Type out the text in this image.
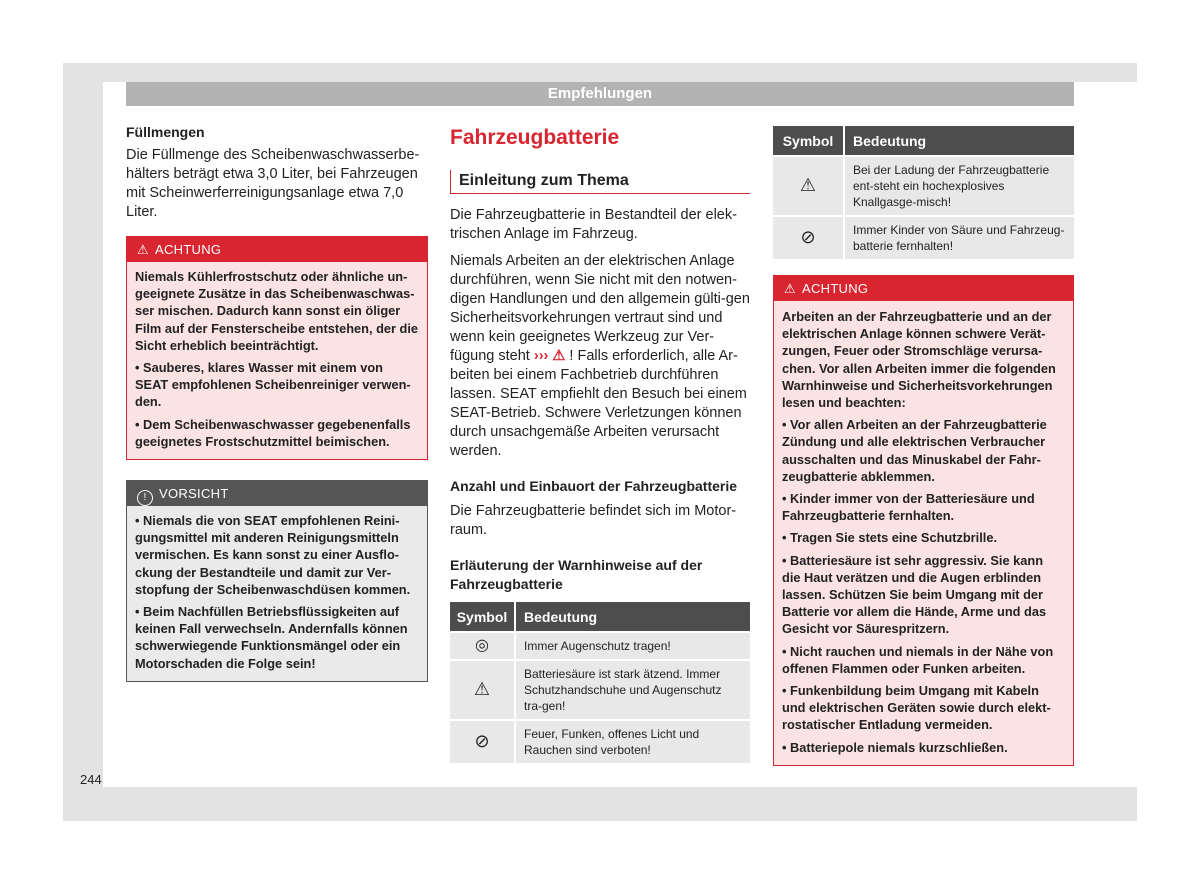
Empfehlungen
Füllmengen

Die Füllmenge des Scheibenwaschwasserbe-hälters beträgt etwa 3,0 Liter, bei Fahrzeugen mit Scheinwerferreinigungsanlage etwa 7,0 Liter.

⚠ ACHTUNG
Niemals Kühlerfrostschutz oder ähnliche un-geeignete Zusätze in das Scheibenwaschwas-ser mischen. Dadurch kann sonst ein öliger Film auf der Fensterscheibe entstehen, der die Sicht erheblich beeinträchtigt.
• Sauberes, klares Wasser mit einem von SEAT empfohlenen Scheibenreiniger verwen-den.
• Dem Scheibenwaschwasser gegebenenfalls geeignetes Frostschutzmittel beimischen.
! VORSICHT
• Niemals die von SEAT empfohlenen Reini-gungsmittel mit anderen Reinigungsmitteln vermischen. Es kann sonst zu einer Ausflo-ckung der Bestandteile und damit zur Ver-stopfung der Scheibenwaschdüsen kommen.
• Beim Nachfüllen Betriebsflüssigkeiten auf keinen Fall verwechseln. Andernfalls können schwerwiegende Funktionsmängel oder ein Motorschaden die Folge sein!
Fahrzeugbatterie
Einleitung zum Thema

Die Fahrzeugbatterie in Bestandteil der elek-trischen Anlage im Fahrzeug.

Niemals Arbeiten an der elektrischen Anlage durchführen, wenn Sie nicht mit den notwen-digen Handlungen und den allgemein gülti-gen Sicherheitsvorkehrungen vertraut sind und wenn kein geeignetes Werkzeug zur Ver-fügung steht ››› ⚠ ! Falls erforderlich, alle Ar-beiten bei einem Fachbetrieb durchführen lassen. SEAT empfiehlt den Besuch bei einem SEAT-Betrieb. Schwere Verletzungen können durch unsachgemäße Arbeiten verursacht werden.

Anzahl und Einbauort der Fahrzeugbatterie

Die Fahrzeugbatterie befindet sich im Motor-raum.

Erläuterung der Warnhinweise auf der Fahrzeugbatterie
Symbol	Bedeutung
◎	Immer Augenschutz tragen!
⚠	Batteriesäure ist stark ätzend. Immer Schutzhandschuhe und Augenschutz tra-gen!
⊘	Feuer, Funken, offenes Licht und Rauchen sind verboten!
Symbol	Bedeutung
⚠	Bei der Ladung der Fahrzeugbatterie ent-steht ein hochexplosives Knallgasge-misch!
⊘	Immer Kinder von Säure und Fahrzeug-batterie fernhalten!
⚠ ACHTUNG
Arbeiten an der Fahrzeugbatterie und an der elektrischen Anlage können schwere Verät-zungen, Feuer oder Stromschläge verursa-chen. Vor allen Arbeiten immer die folgenden Warnhinweise und Sicherheitsvorkehrungen lesen und beachten:
• Vor allen Arbeiten an der Fahrzeugbatterie Zündung und alle elektrischen Verbraucher ausschalten und das Minuskabel der Fahr-zeugbatterie abklemmen.
• Kinder immer von der Batteriesäure und Fahrzeugbatterie fernhalten.
• Tragen Sie stets eine Schutzbrille.
• Batteriesäure ist sehr aggressiv. Sie kann die Haut verätzen und die Augen erblinden lassen. Schützen Sie beim Umgang mit der Batterie vor allem die Hände, Arme und das Gesicht vor Säurespritzern.
• Nicht rauchen und niemals in der Nähe von offenen Flammen oder Funken arbeiten.
• Funkenbildung beim Umgang mit Kabeln und elektrischen Geräten sowie durch elekt-rostatischer Entladung vermeiden.
• Batteriepole niemals kurzschließen.
244
